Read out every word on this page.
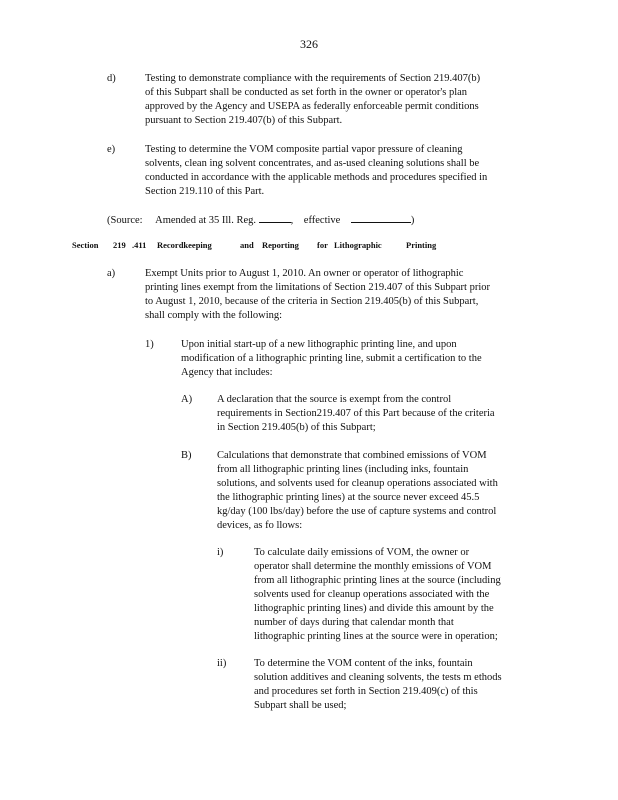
326
d)	Testing to demonstrate compliance with the requirements of Section 219.407(b)
of this Subpart shall be conducted as set forth in the owner or operator's plan
approved by the Agency and USEPA as federally enforceable permit conditions
pursuant to Section 219.407(b) of this Subpart.
e)	Testing to determine the VOM composite partial vapor pressure of cleaning
solvents, clean ing solvent concentrates, and as-used cleaning solutions shall be
conducted in accordance with the applicable methods and procedures specified in
Section 219.110 of this Part.
(Source: Amended at 35 Ill. Reg.	, effective	)
Section 219 .411 Recordkeeping	and Reporting for Lithographic	Printing
a)	Exempt Units prior to August 1, 2010. An owner or operator of lithographic
printing lines exempt from the limitations of Section 219.407 of this Subpart prior
to August 1, 2010, because of the criteria in Section 219.405(b) of this Subpart,
shall comply with the following:
1)	Upon initial start-up of a new lithographic printing line, and upon
modification of a lithographic printing line, submit a certification to the
Agency that includes:
A) A declaration that the source is exempt from the control
requirements in Section219.407 of this Part because of the criteria
in Section 219.405(b) of this Subpart;
B) Calculations that demonstrate that combined emissions of VOM
from all lithographic printing lines (including inks, fountain
solutions, and solvents used for cleanup operations associated with
the lithographic printing lines) at the source never exceed 45.5
kg/day (100 lbs/day) before the use of capture systems and control
devices, as fo llows:
i)	To calculate daily emissions of VOM, the owner or
operator shall determine the monthly emissions of VOM
from all lithographic printing lines at the source (including
solvents used for cleanup operations associated with the
lithographic printing lines) and divide this amount by the
number of days during that calendar month that
lithographic printing lines at the source were in operation;
ii)	To determine the VOM content of the inks, fountain
solution additives and cleaning solvents, the tests m ethods
and procedures set forth in Section 219.409(c) of this
Subpart shall be used;
